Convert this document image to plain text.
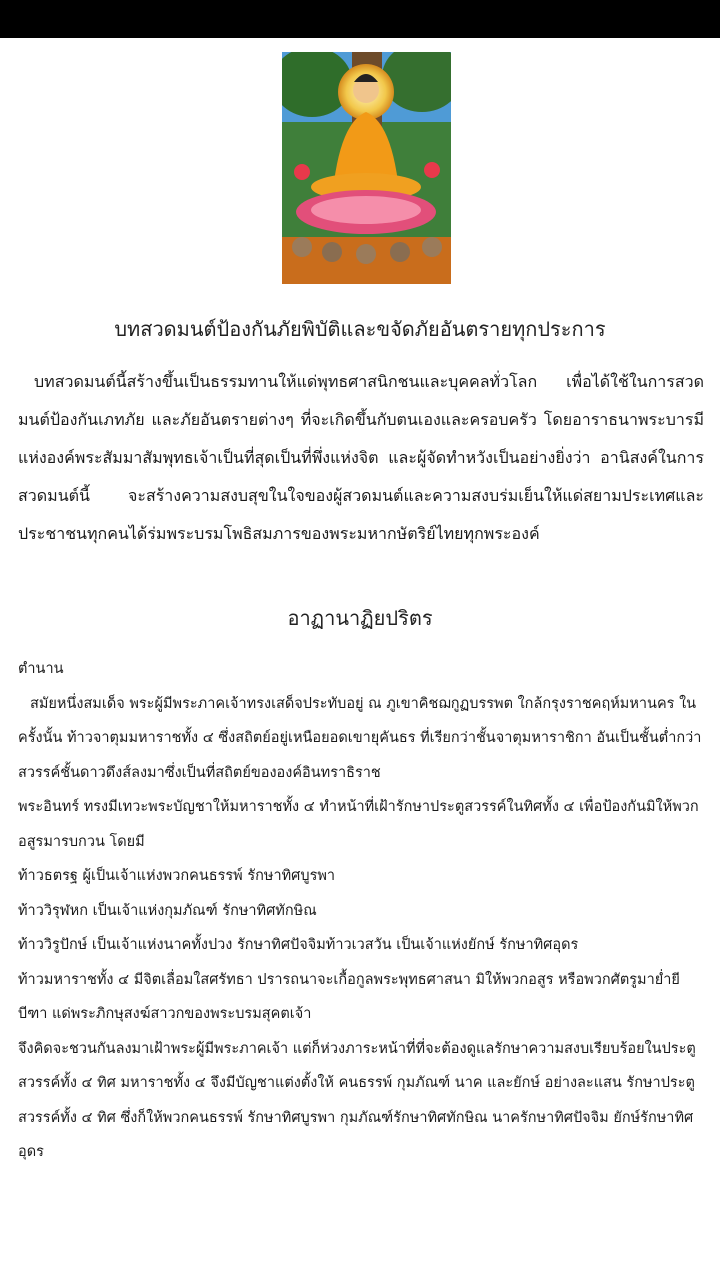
บทสวดมนต์ป้องกันภัยพิบัติและขจัดภัยอันตรายทุกประการ

บทสวดมนต์นี้สร้างขึ้นเป็นธรรมทานให้แด่พุทธศาสนิกชนและบุคคลทั่วโลก เพื่อได้ใช้ในการสวดมนต์ป้องกันเภทภัย และภัยอันตรายต่างๆ ที่จะเกิดขึ้นกับตนเองและครอบครัว โดยอาราธนาพระบารมีแห่งองค์พระสัมมาสัมพุทธเจ้าเป็นที่สุดเป็นที่พึ่งแห่งจิต และผู้จัดทำหวังเป็นอย่างยิ่งว่า อานิสงค์ในการสวดมนต์นี้ จะสร้างความสงบสุขในใจของผู้สวดมนต์และความสงบร่มเย็นให้แด่สยามประเทศและประชาชนทุกคนได้ร่มพระบรมโพธิสมภารของพระมหากษัตริย์ไทยทุกพระองค์

อาฏานาฏิยปริตร

ตำนาน

สมัยหนึ่งสมเด็จ พระผู้มีพระภาคเจ้าทรงเสด็จประทับอยู่ ณ ภูเขาคิชฌกูฏบรรพต ใกล้กรุงราชคฤห์มหานคร ในครั้งนั้น ท้าวจาตุมมหาราชทั้ง ๔ ซึ่งสถิตย์อยู่เหนือยอดเขายุคันธร ที่เรียกว่าชั้นจาตุมหาราชิกา อันเป็นชั้นต่ำกว่า สวรรค์ชั้นดาวดึงส์ลงมาซึ่งเป็นที่สถิตย์ขององค์อินทราธิราช

พระอินทร์ ทรงมีเทวะพระบัญชาให้มหาราชทั้ง ๔ ทำหน้าที่เฝ้ารักษาประตูสวรรค์ในทิศทั้ง ๔ เพื่อป้องกันมิให้พวกอสูรมารบกวน โดยมี

ท้าวธตรฐ ผู้เป็นเจ้าแห่งพวกคนธรรพ์ รักษาทิศบูรพา

ท้าววิรุฬหก เป็นเจ้าแห่งกุมภัณฑ์ รักษาทิศทักษิณ

ท้าววิรูปักษ์ เป็นเจ้าแห่งนาคทั้งปวง รักษาทิศปัจจิมท้าวเวสวัน เป็นเจ้าแห่งยักษ์ รักษาทิศอุดร

ท้าวมหาราชทั้ง ๔ มีจิตเลื่อมใสศรัทธา ปรารถนาจะเกื้อกูลพระพุทธศาสนา มิให้พวกอสูร หรือพวกศัตรูมาย่ำยีบีฑา แด่พระภิกษุสงฆ์สาวกของพระบรมสุคตเจ้า

จึงคิดจะชวนกันลงมาเฝ้าพระผู้มีพระภาคเจ้า แต่ก็ห่วงภาระหน้าที่ที่จะต้องดูแลรักษาความสงบเรียบร้อยในประตูสวรรค์ทั้ง ๔ ทิศ มหาราชทั้ง ๔ จึงมีบัญชาแต่งตั้งให้ คนธรรพ์ กุมภัณฑ์ นาค และยักษ์ อย่างละแสน รักษาประตูสวรรค์ทั้ง ๔ ทิศ ซึ่งก็ให้พวกคนธรรพ์ รักษาทิศบูรพา กุมภัณฑ์รักษาทิศทักษิณ นาครักษาทิศปัจจิม ยักษ์รักษาทิศอุดร
